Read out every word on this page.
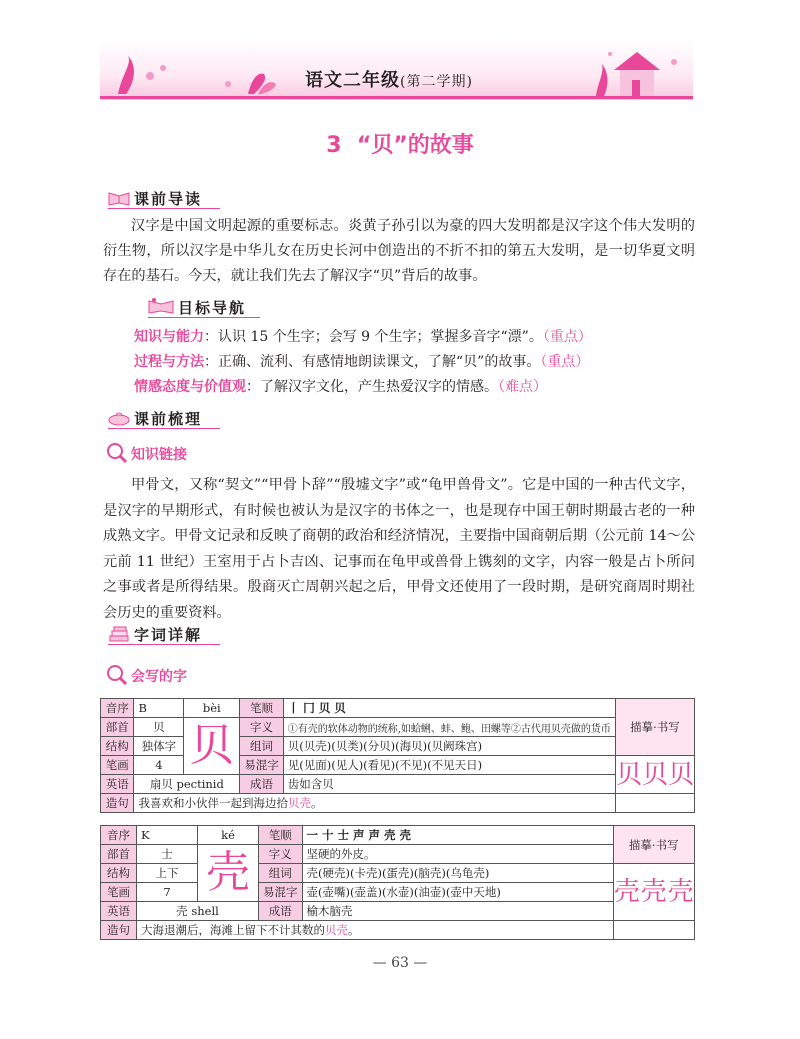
语文二年级(第二学期)
3 “贝”的故事
课前导读
汉字是中国文明起源的重要标志。炎黄子孙引以为豪的四大发明都是汉字这个伟大发明的衍生物，所以汉字是中华儿女在历史长河中创造出的不折不扣的第五大发明，是一切华夏文明存在的基石。今天，就让我们先去了解汉字“贝”背后的故事。
目标导航
知识与能力：认识 15 个生字；会写 9 个生字；掌握多音字“漂”。（重点）
过程与方法：正确、流利、有感情地朗读课文，了解“贝”的故事。（重点）
情感态度与价值观：了解汉字文化，产生热爱汉字的情感。（难点）
课前梳理
知识链接
甲骨文，又称“契文”“甲骨卜辞”“殷墟文字”或“龟甲兽骨文”。它是中国的一种古代文字，是汉字的早期形式，有时候也被认为是汉字的书体之一，也是现存中国王朝时期最古老的一种成熟文字。甲骨文记录和反映了商朝的政治和经济情况，主要指中国商朝后期（公元前 14～公元前 11 世纪）王室用于占卜吉凶、记事而在龟甲或兽骨上镌刻的文字，内容一般是占卜所问之事或者是所得结果。殷商灭亡周朝兴起之后，甲骨文还使用了一段时期，是研究商周时期社会历史的重要资料。
字词详解
会写的字
音序	B	bèi	笔顺	丨 冂 贝 贝	描摹·书写
部首	贝	贝	字义	①有壳的软体动物的统称,如蛤蜊、蚌、鲍、田螺等②古代用贝壳做的货币	
结构	独体字		组词	贝(贝壳)(贝类)(分贝)(海贝)(贝阙珠宫)	
笔画	4		易混字	见(见面)(见人)(看见)(不见)(不见天日)	贝 贝 贝

英语	扇贝 pectinid		成语	齿如含贝	
造句	我喜欢和小伙伴一起到海边拾贝壳。				
音序	K	ké	笔顺	一 十 士 声 声 壳 壳	描摹·书写
部首	士	壳	字义	坚硬的外皮。	
结构	上下		组词	壳(硬壳)(卡壳)(蛋壳)(脑壳)(乌龟壳)	壳 壳 壳

笔画	7		易混字	壶(壶嘴)(壶盖)(水壶)(油壶)(壶中天地)	
英语	壳 shell		成语	榆木脑壳	
造句	大海退潮后，海滩上留下不计其数的贝壳。				
— 63 —
